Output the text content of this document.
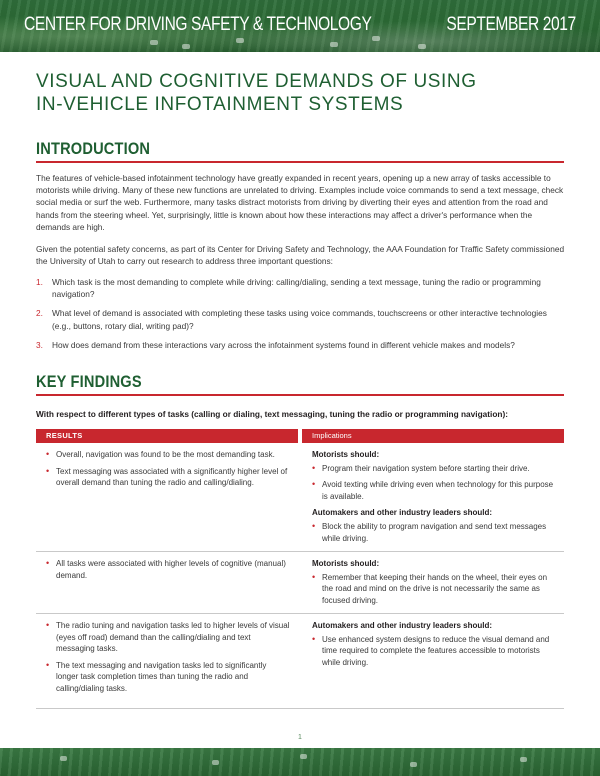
CENTER FOR DRIVING SAFETY & TECHNOLOGY	SEPTEMBER 2017
VISUAL AND COGNITIVE DEMANDS OF USING
IN-VEHICLE INFOTAINMENT SYSTEMS
INTRODUCTION

The features of vehicle-based infotainment technology have greatly expanded in recent years, opening up a new array of tasks accessible to motorists while driving. Many of these new functions are unrelated to driving. Examples include voice commands to send a text message, check social media or surf the web. Furthermore, many tasks distract motorists from driving by diverting their eyes and attention from the road and hands from the steering wheel. Yet, surprisingly, little is known about how these interactions may affect a driver's performance when the demands are high.

Given the potential safety concerns, as part of its Center for Driving Safety and Technology, the AAA Foundation for Traffic Safety commissioned the University of Utah to carry out research to address three important questions:

1. Which task is the most demanding to complete while driving: calling/dialing, sending a text message, tuning the radio or programming navigation?
2. What level of demand is associated with completing these tasks using voice commands, touchscreens or other interactive technologies (e.g., buttons, rotary dial, writing pad)?
3. How does demand from these interactions vary across the infotainment systems found in different vehicle makes and models?
KEY FINDINGS

With respect to different types of tasks (calling or dialing, text messaging, tuning the radio or programming navigation):

RESULTS	Implications
• Overall, navigation was found to be the most demanding task.
• Text messaging was associated with a significantly higher level of overall demand than tuning the radio and calling/dialing.
Motorists should:
• Program their navigation system before starting their drive.
• Avoid texting while driving even when technology for this purpose is available.
Automakers and other industry leaders should:
• Block the ability to program navigation and send text messages while driving.
• All tasks were associated with higher levels of cognitive (manual) demand.
Motorists should:
• Remember that keeping their hands on the wheel, their eyes on the road and mind on the drive is not necessarily the same as focused driving.
• The radio tuning and navigation tasks led to higher levels of visual (eyes off road) demand than the calling/dialing and text messaging tasks.
• The text messaging and navigation tasks led to significantly longer task completion times than tuning the radio and calling/dialing tasks.
Automakers and other industry leaders should:
• Use enhanced system designs to reduce the visual demand and time required to complete the features accessible to motorists while driving.
1
